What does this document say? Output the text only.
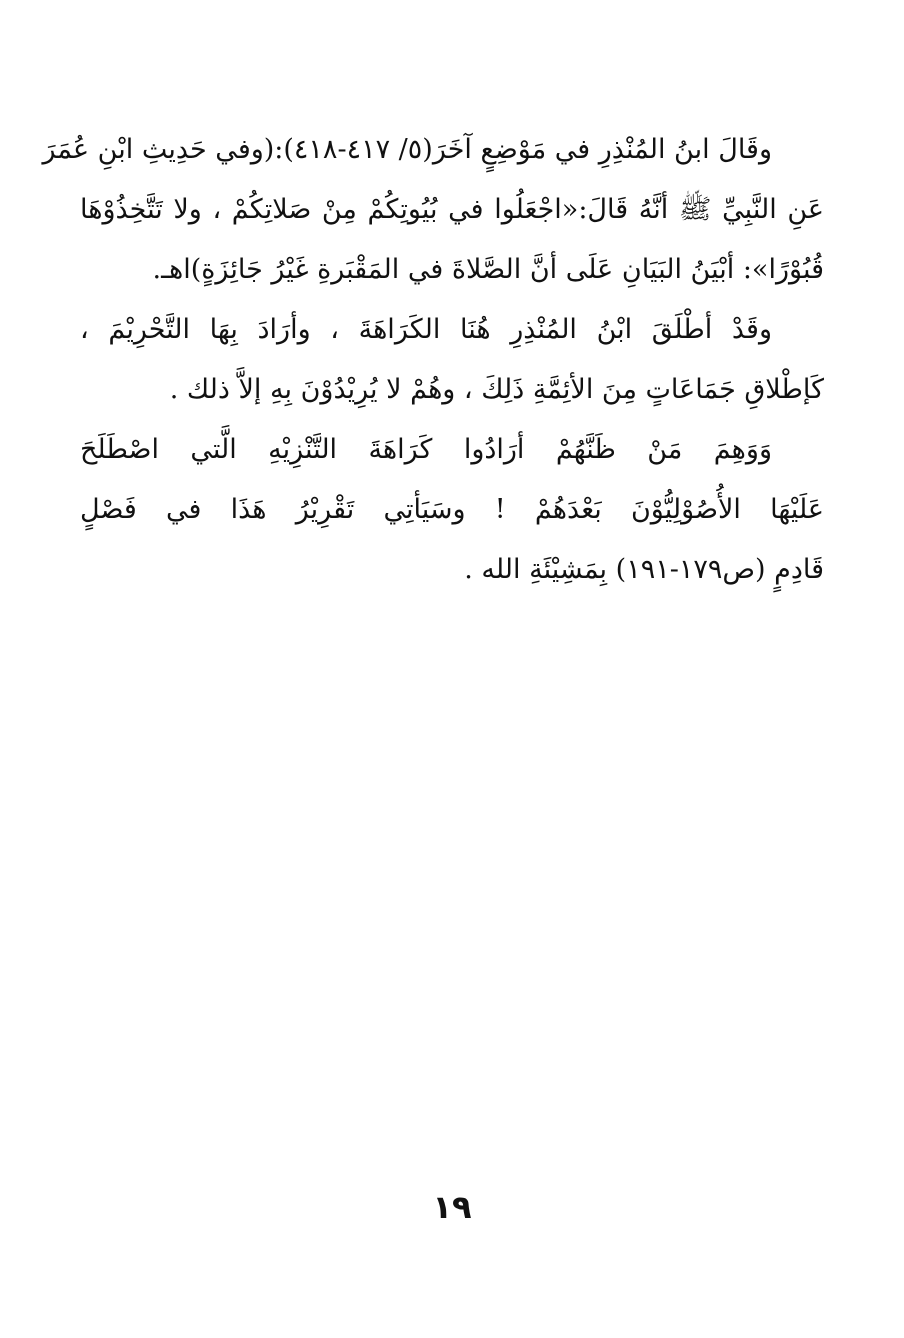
وقَالَ ابنُ المُنْذِرِ في مَوْضِعٍ آخَرَ(٥/ ٤١٧-٤١٨):(وفي حَدِيثِ ابْنِ عُمَرَ
عَنِ النَّبِيِّ ﷺ أنَّهُ قَالَ:«اجْعَلُوا في بُيُوتِكُمْ مِنْ صَلاتِكُمْ ، ولا تَتَّخِذُوْهَا
قُبُوْرًا»: أبْيَنُ البَيَانِ عَلَى أنَّ الصَّلاةَ في المَقْبَرةِ غَيْرُ جَائِزَةٍ)اهـ.
وقَدْ أطْلَقَ ابْنُ المُنْذِرِ هُنَا الكَرَاهَةَ ، وأرَادَ بِهَا التَّحْرِيْمَ ،
كَإطْلاقِ جَمَاعَاتٍ مِنَ الأئِمَّةِ ذَلِكَ ، وهُمْ لا يُرِيْدُوْنَ بِهِ إلاَّ ذلك .
وَوَهِمَ مَنْ ظَنَّهُمْ أرَادُوا كَرَاهَةَ التَّنْزِيْهِ الَّتي اصْطَلَحَ
عَلَيْهَا الأُصُوْلِيُّوْنَ بَعْدَهُمْ ! وسَيَأتِي تَقْرِيْرُ هَذَا في فَصْلٍ
قَادِمٍ (ص١٧٩-١٩١) بِمَشِيْئَةِ الله .
١٩
